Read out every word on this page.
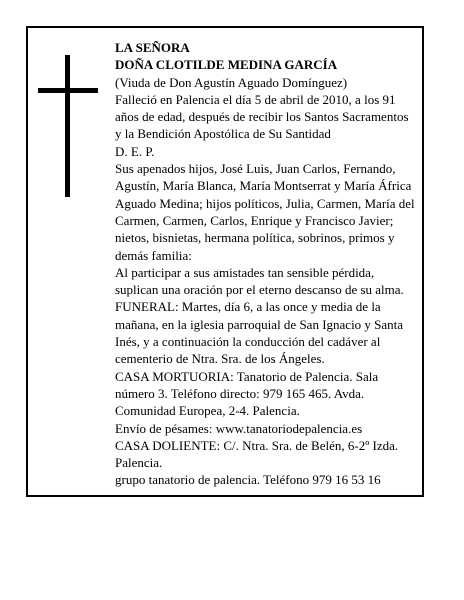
LA SEÑORA

DOÑA CLOTILDE MEDINA GARCÍA

(Viuda de Don Agustín Aguado Domínguez)

Falleció en Palencia el día 5 de abril de 2010, a los 91 años de edad, después de recibir los Santos Sacramentos y la Bendición Apostólica de Su Santidad

D. E. P.

Sus apenados hijos, José Luis, Juan Carlos, Fernando, Agustín, María Blanca, María Montserrat y María África Aguado Medina; hijos políticos, Julia, Carmen, María del Carmen, Carmen, Carlos, Enrique y Francisco Javier; nietos, bisnietas, hermana política, sobrinos, primos y demás familia:

Al participar a sus amistades tan sensible pérdida, suplican una oración por el eterno descanso de su alma.

FUNERAL: Martes, día 6, a las once y media de la mañana, en la iglesia parroquial de San Ignacio y Santa Inés, y a continuación la conducción del cadáver al cementerio de Ntra. Sra. de los Ángeles.

CASA MORTUORIA: Tanatorio de Palencia. Sala número 3. Teléfono directo: 979 165 465. Avda. Comunidad Europea, 2-4. Palencia.

Envío de pésames: www.tanatoriodepalencia.es

CASA DOLIENTE: C/. Ntra. Sra. de Belén, 6-2º Izda. Palencia.

grupo tanatorio de palencia. Teléfono 979 16 53 16
